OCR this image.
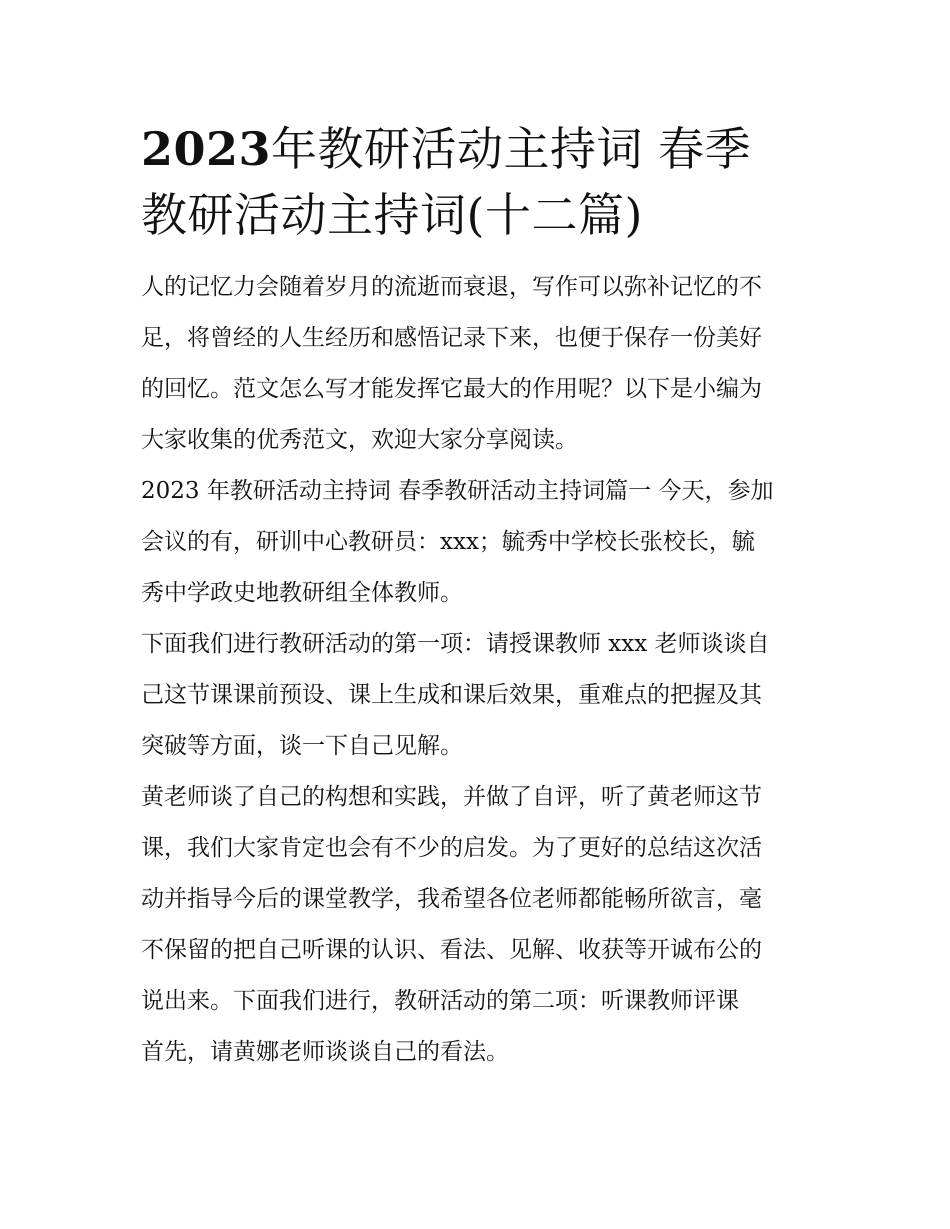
2023年教研活动主持词 春季
教研活动主持词(十二篇)

人的记忆力会随着岁月的流逝而衰退，写作可以弥补记忆的不
足，将曾经的人生经历和感悟记录下来，也便于保存一份美好
的回忆。范文怎么写才能发挥它最大的作用呢？以下是小编为
大家收集的优秀范文，欢迎大家分享阅读。

2023 年教研活动主持词 春季教研活动主持词篇一 今天，参加
会议的有，研训中心教研员：xxx；毓秀中学校长张校长，毓
秀中学政史地教研组全体教师。

下面我们进行教研活动的第一项：请授课教师 xxx 老师谈谈自
己这节课课前预设、课上生成和课后效果，重难点的把握及其
突破等方面，谈一下自己见解。

黄老师谈了自己的构想和实践，并做了自评，听了黄老师这节
课，我们大家肯定也会有不少的启发。为了更好的总结这次活
动并指导今后的课堂教学，我希望各位老师都能畅所欲言，毫
不保留的把自己听课的认识、看法、见解、收获等开诚布公的
说出来。下面我们进行，教研活动的第二项：听课教师评课
首先，请黄娜老师谈谈自己的看法。
